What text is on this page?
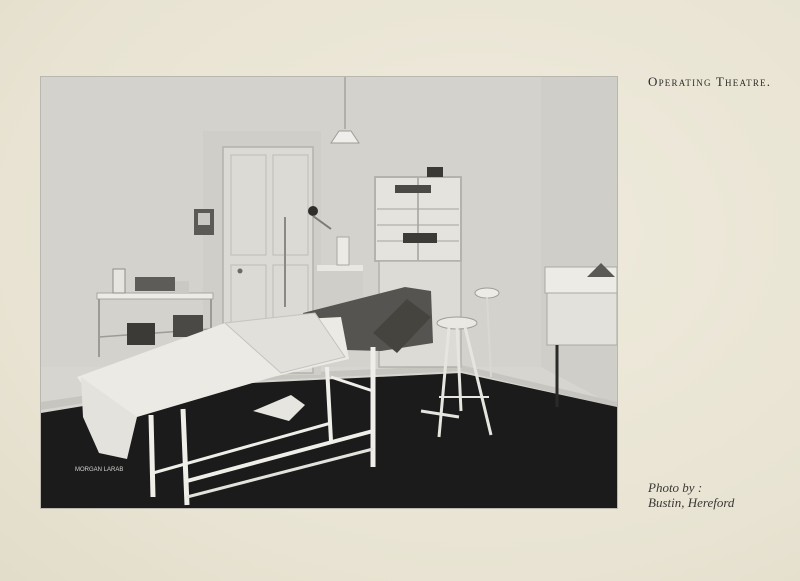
MORGAN LARAB
Operating Theatre.
Photo by :
Bustin, Hereford
